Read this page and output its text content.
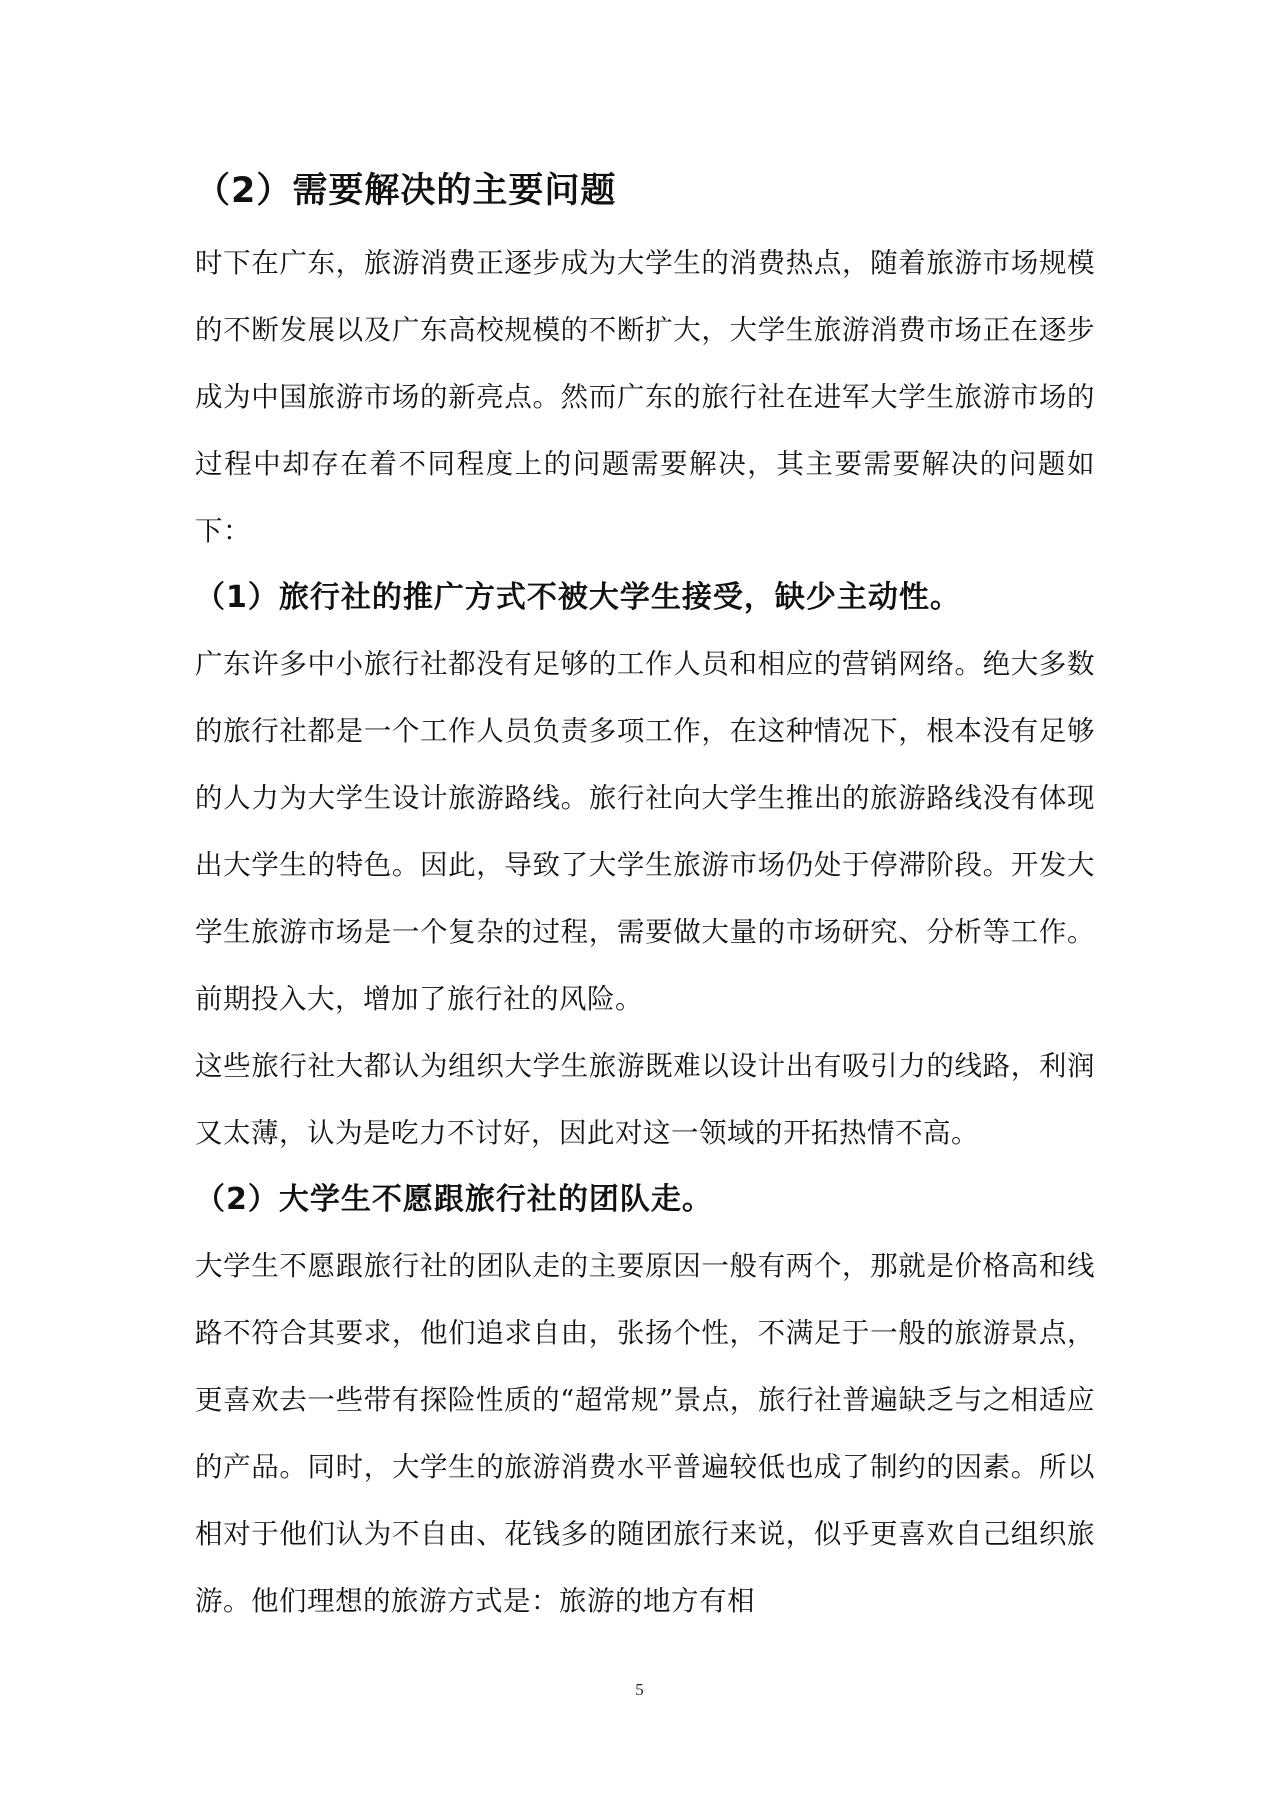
（2）需要解决的主要问题

时下在广东，旅游消费正逐步成为大学生的消费热点，随着旅游市场规模的不断发展以及广东高校规模的不断扩大，大学生旅游消费市场正在逐步成为中国旅游市场的新亮点。然而广东的旅行社在进军大学生旅游市场的过程中却存在着不同程度上的问题需要解决，其主要需要解决的问题如下：

（1）旅行社的推广方式不被大学生接受，缺少主动性。

广东许多中小旅行社都没有足够的工作人员和相应的营销网络。绝大多数的旅行社都是一个工作人员负责多项工作，在这种情况下，根本没有足够的人力为大学生设计旅游路线。旅行社向大学生推出的旅游路线没有体现出大学生的特色。因此，导致了大学生旅游市场仍处于停滞阶段。开发大学生旅游市场是一个复杂的过程，需要做大量的市场研究、分析等工作。前期投入大，增加了旅行社的风险。

这些旅行社大都认为组织大学生旅游既难以设计出有吸引力的线路，利润又太薄，认为是吃力不讨好，因此对这一领域的开拓热情不高。

（2）大学生不愿跟旅行社的团队走。

大学生不愿跟旅行社的团队走的主要原因一般有两个，那就是价格高和线路不符合其要求，他们追求自由，张扬个性，不满足于一般的旅游景点，更喜欢去一些带有探险性质的“超常规”景点，旅行社普遍缺乏与之相适应的产品。同时，大学生的旅游消费水平普遍较低也成了制约的因素。所以相对于他们认为不自由、花钱多的随团旅行来说，似乎更喜欢自己组织旅游。他们理想的旅游方式是：旅游的地方有相

5
